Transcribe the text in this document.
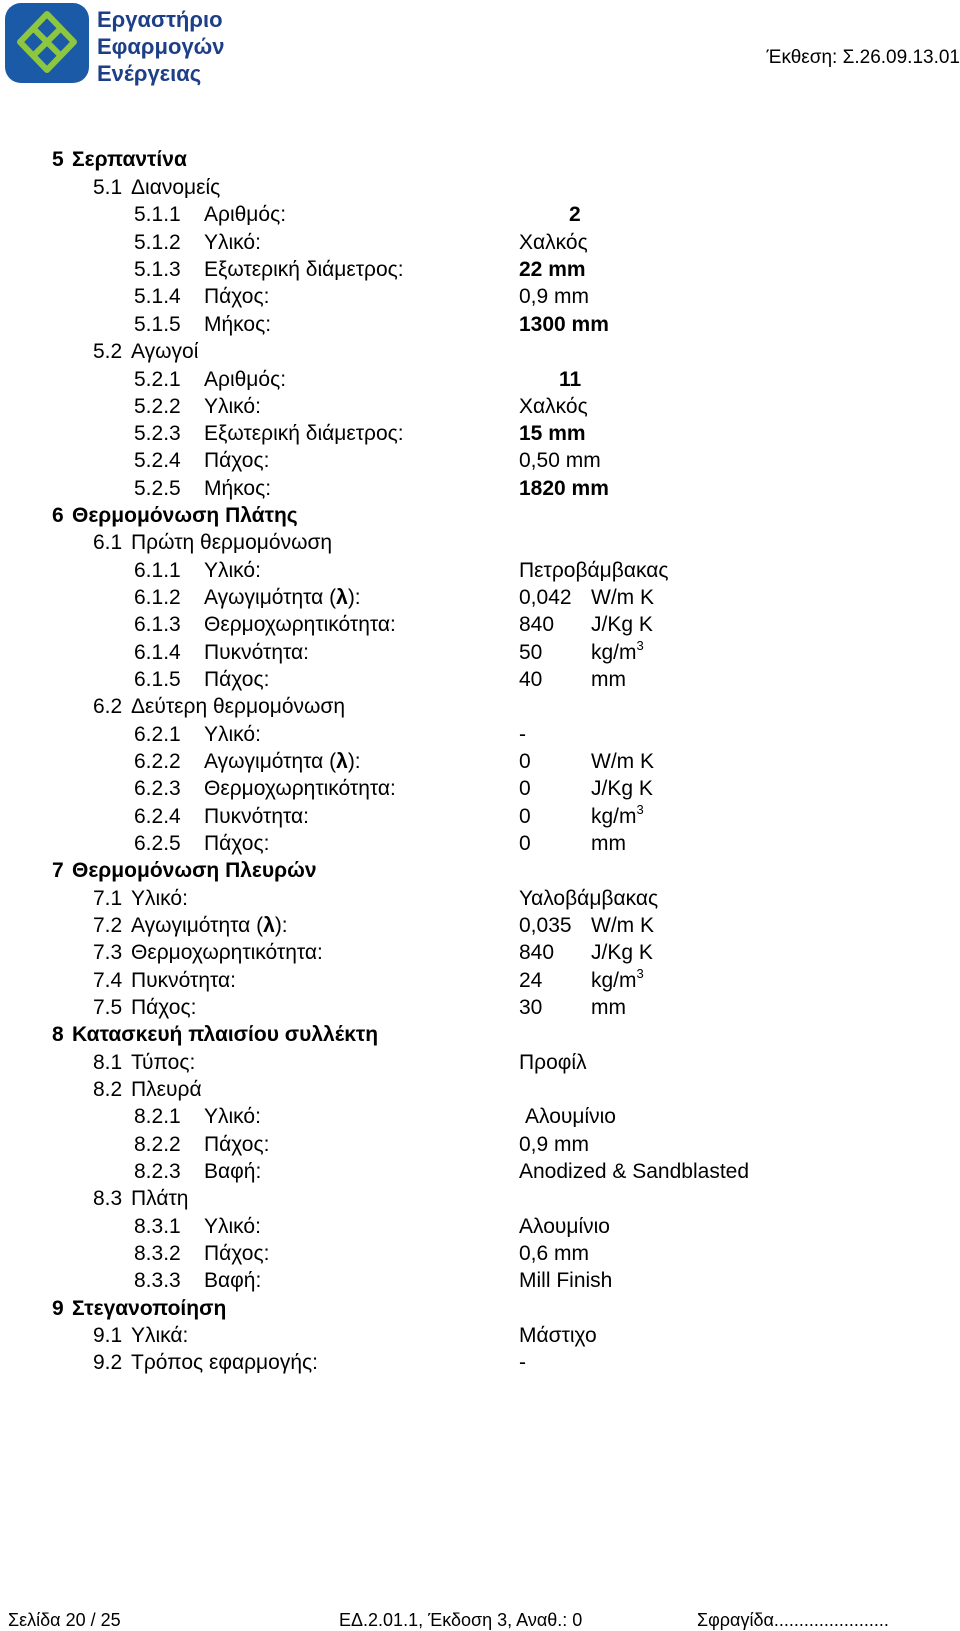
Εργαστήριο
Εφαρμογών
Ενέργειας
Έκθεση: Σ.26.09.13.01
5 Σερπαντίνα
5.1 Διανομείς
5.1.1 Αριθμός:	2
5.1.2 Υλικό:	Χαλκός
5.1.3 Εξωτερική διάμετρος:	22 mm
5.1.4 Πάχος:	0,9 mm
5.1.5 Μήκος:	1300 mm
5.2 Αγωγοί
5.2.1 Αριθμός:	11
5.2.2 Υλικό:	Χαλκός
5.2.3 Εξωτερική διάμετρος:	15 mm
5.2.4 Πάχος:	0,50 mm
5.2.5 Μήκος:	1820 mm
6 Θερμομόνωση Πλάτης
6.1 Πρώτη θερμομόνωση
6.1.1 Υλικό:	Πετροβάμβακας
6.1.2 Αγωγιμότητα (λ):	0,042 W/m K
6.1.3 Θερμοχωρητικότητα:	840 J/Kg K
6.1.4 Πυκνότητα:	50 $kg/m^3$
6.1.5 Πάχος:	40 mm
6.2 Δεύτερη θερμομόνωση
6.2.1 Υλικό:	-
6.2.2 Αγωγιμότητα (λ):	0	W/m K
6.2.3 Θερμοχωρητικότητα:	0	J/Kg K
6.2.4 Πυκνότητα:	0	$kg/m^3$
6.2.5 Πάχος:	0	mm
7 Θερμομόνωση Πλευρών
7.1 Υλικό:	Υαλοβάμβακας
7.2 Αγωγιμότητα (λ):	0,035 W/m K
7.3 Θερμοχωρητικότητα:	840 J/Kg K
7.4 Πυκνότητα:	24 $kg/m^3$
7.5 Πάχος:	30 mm
8 Κατασκευή πλαισίου συλλέκτη
8.1 Τύπος:	Προφίλ
8.2 Πλευρά
8.2.1 Υλικό:	Αλουμίνιο
8.2.2 Πάχος:	0,9 mm
8.2.3 Βαφή:	Anodized & Sandblasted
8.3 Πλάτη
8.3.1 Υλικό:	Αλουμίνιο
8.3.2 Πάχος:	0,6 mm
8.3.3 Βαφή:	Mill Finish
9 Στεγανοποίηση
9.1 Υλικά:	Μάστιχο
9.2 Τρόπος εφαρμογής:	-
Σελίδα 20 / 25	ΕΔ.2.01.1, Έκδοση 3, Αναθ.: 0	Σφραγίδα.......................
